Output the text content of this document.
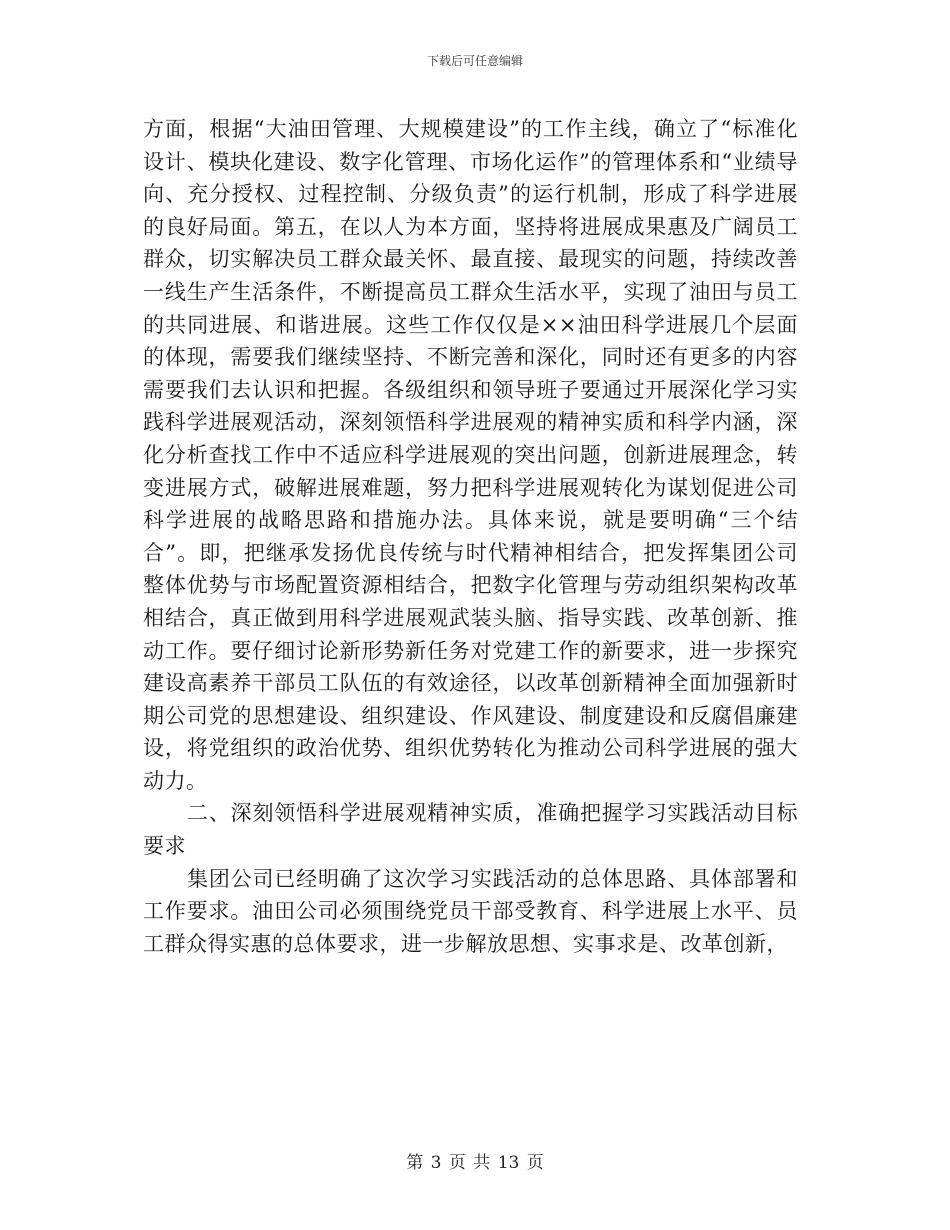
下载后可任意编辑

方面，根据“大油田管理、大规模建设”的工作主线，确立了“标准化设计、模块化建设、数字化管理、市场化运作”的管理体系和“业绩导向、充分授权、过程控制、分级负责”的运行机制，形成了科学进展的良好局面。第五，在以人为本方面，坚持将进展成果惠及广阔员工群众，切实解决员工群众最关怀、最直接、最现实的问题，持续改善一线生产生活条件，不断提高员工群众生活水平，实现了油田与员工的共同进展、和谐进展。这些工作仅仅是××油田科学进展几个层面的体现，需要我们继续坚持、不断完善和深化，同时还有更多的内容需要我们去认识和把握。各级组织和领导班子要通过开展深化学习实践科学进展观活动，深刻领悟科学进展观的精神实质和科学内涵，深化分析查找工作中不适应科学进展观的突出问题，创新进展理念，转变进展方式，破解进展难题，努力把科学进展观转化为谋划促进公司科学进展的战略思路和措施办法。具体来说，就是要明确“三个结合”。即，把继承发扬优良传统与时代精神相结合，把发挥集团公司整体优势与市场配置资源相结合，把数字化管理与劳动组织架构改革相结合，真正做到用科学进展观武装头脑、指导实践、改革创新、推动工作。要仔细讨论新形势新任务对党建工作的新要求，进一步探究建设高素养干部员工队伍的有效途径，以改革创新精神全面加强新时期公司党的思想建设、组织建设、作风建设、制度建设和反腐倡廉建设，将党组织的政治优势、组织优势转化为推动公司科学进展的强大动力。

二、深刻领悟科学进展观精神实质，准确把握学习实践活动目标要求

集团公司已经明确了这次学习实践活动的总体思路、具体部署和工作要求。油田公司必须围绕党员干部受教育、科学进展上水平、员工群众得实惠的总体要求，进一步解放思想、实事求是、改革创新，

第 3 页 共 13 页
